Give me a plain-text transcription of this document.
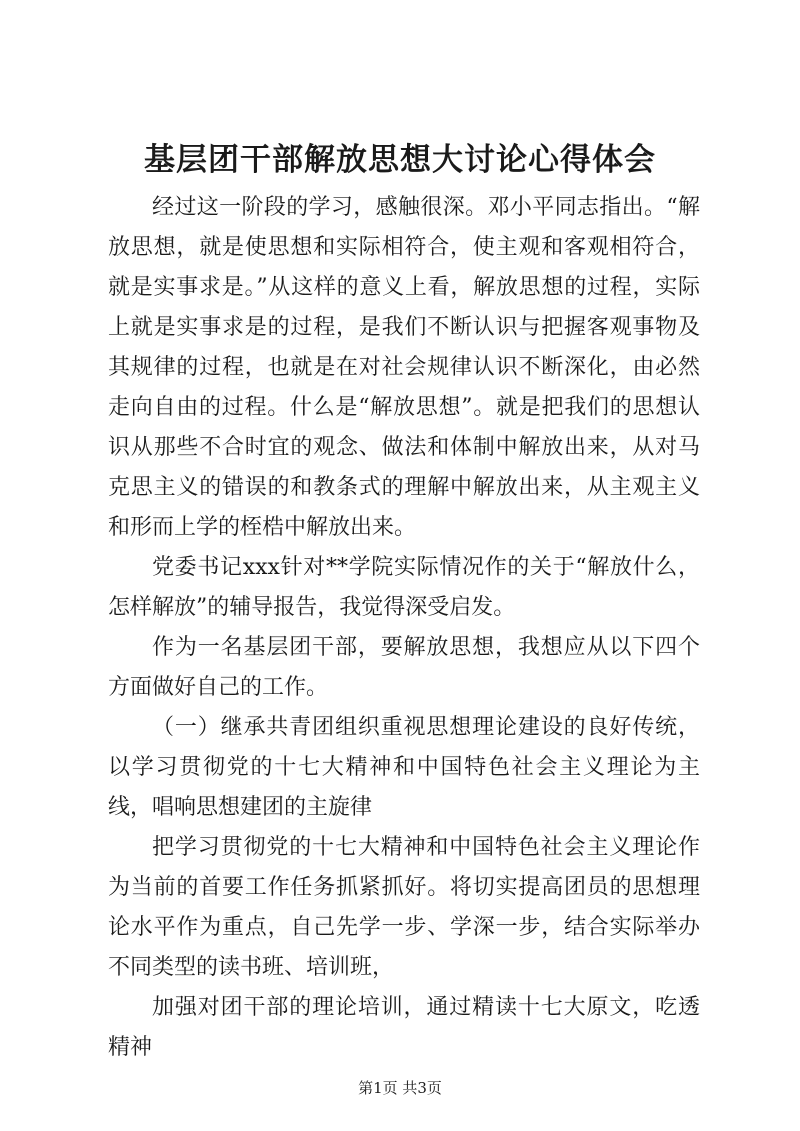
基层团干部解放思想大讨论心得体会

经过这一阶段的学习，感触很深。邓小平同志指出。“解放思想，就是使思想和实际相符合，使主观和客观相符合，就是实事求是。”从这样的意义上看，解放思想的过程，实际上就是实事求是的过程，是我们不断认识与把握客观事物及其规律的过程，也就是在对社会规律认识不断深化，由必然走向自由的过程。什么是“解放思想”。就是把我们的思想认识从那些不合时宜的观念、做法和体制中解放出来，从对马克思主义的错误的和教条式的理解中解放出来，从主观主义和形而上学的桎梏中解放出来。

党委书记xxx针对**学院实际情况作的关于“解放什么，怎样解放”的辅导报告，我觉得深受启发。

作为一名基层团干部，要解放思想，我想应从以下四个方面做好自己的工作。

（一）继承共青团组织重视思想理论建设的良好传统，以学习贯彻党的十七大精神和中国特色社会主义理论为主线，唱响思想建团的主旋律

把学习贯彻党的十七大精神和中国特色社会主义理论作为当前的首要工作任务抓紧抓好。将切实提高团员的思想理论水平作为重点，自己先学一步、学深一步，结合实际举办不同类型的读书班、培训班，

加强对团干部的理论培训，通过精读十七大原文，吃透精神

第1页 共3页
